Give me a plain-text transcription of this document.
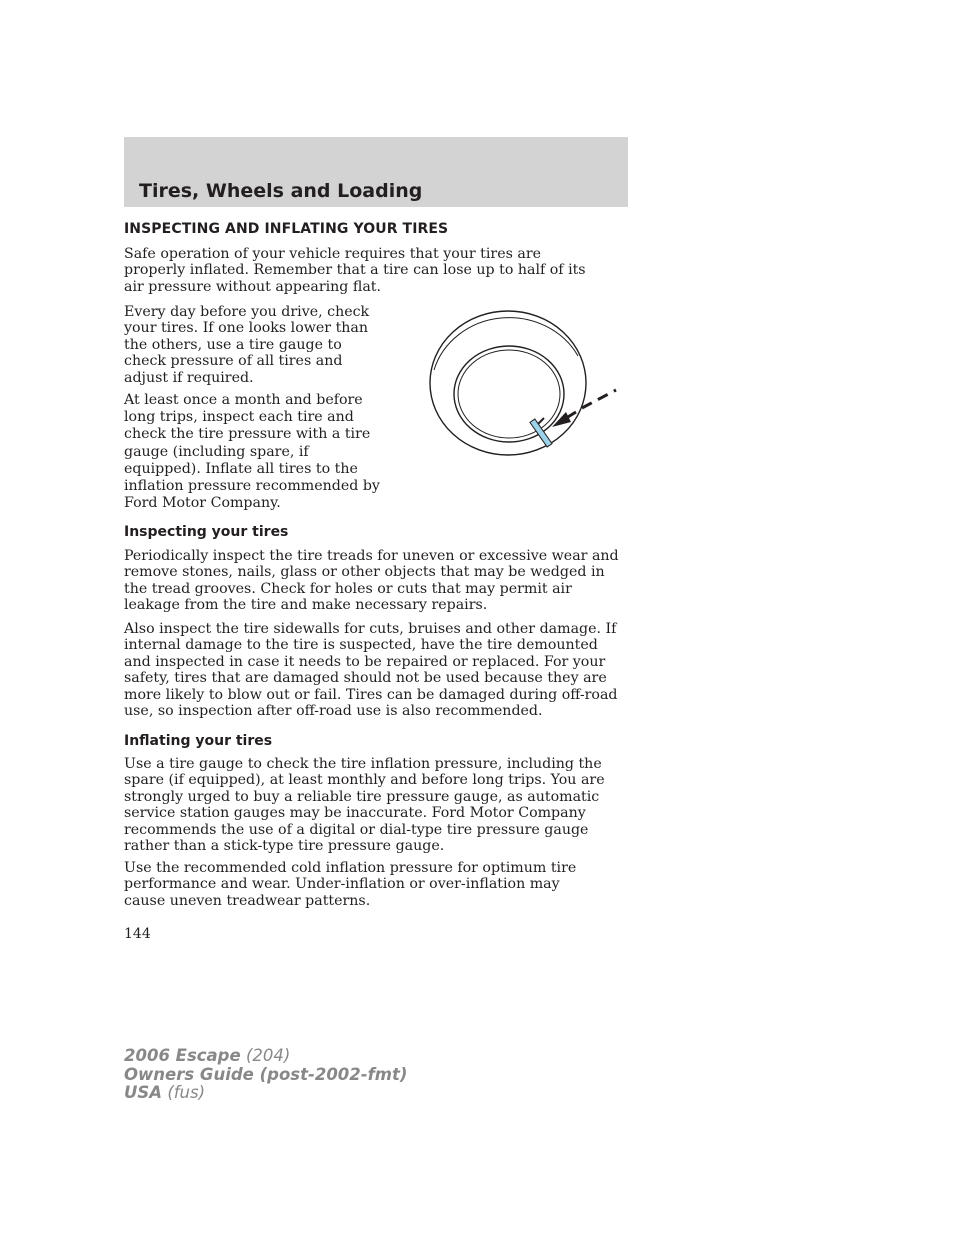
Tires, Wheels and Loading
INSPECTING AND INFLATING YOUR TIRES

Safe operation of your vehicle requires that your tires are properly inflated. Remember that a tire can lose up to half of its air pressure without appearing flat.

Every day before you drive, check your tires. If one looks lower than the others, use a tire gauge to check pressure of all tires and adjust if required.

At least once a month and before long trips, inspect each tire and check the tire pressure with a tire gauge (including spare, if equipped). Inflate all tires to the inflation pressure recommended by Ford Motor Company.

Inspecting your tires

Periodically inspect the tire treads for uneven or excessive wear and remove stones, nails, glass or other objects that may be wedged in the tread grooves. Check for holes or cuts that may permit air leakage from the tire and make necessary repairs.

Also inspect the tire sidewalls for cuts, bruises and other damage. If internal damage to the tire is suspected, have the tire demounted and inspected in case it needs to be repaired or replaced. For your safety, tires that are damaged should not be used because they are more likely to blow out or fail. Tires can be damaged during off-road use, so inspection after off-road use is also recommended.

Inflating your tires

Use a tire gauge to check the tire inflation pressure, including the spare (if equipped), at least monthly and before long trips. You are strongly urged to buy a reliable tire pressure gauge, as automatic service station gauges may be inaccurate. Ford Motor Company recommends the use of a digital or dial-type tire pressure gauge rather than a stick-type tire pressure gauge.

Use the recommended cold inflation pressure for optimum tire performance and wear. Under-inflation or over-inflation may cause uneven treadwear patterns.

144
2006 Escape (204)
Owners Guide (post-2002-fmt)
USA (fus)
